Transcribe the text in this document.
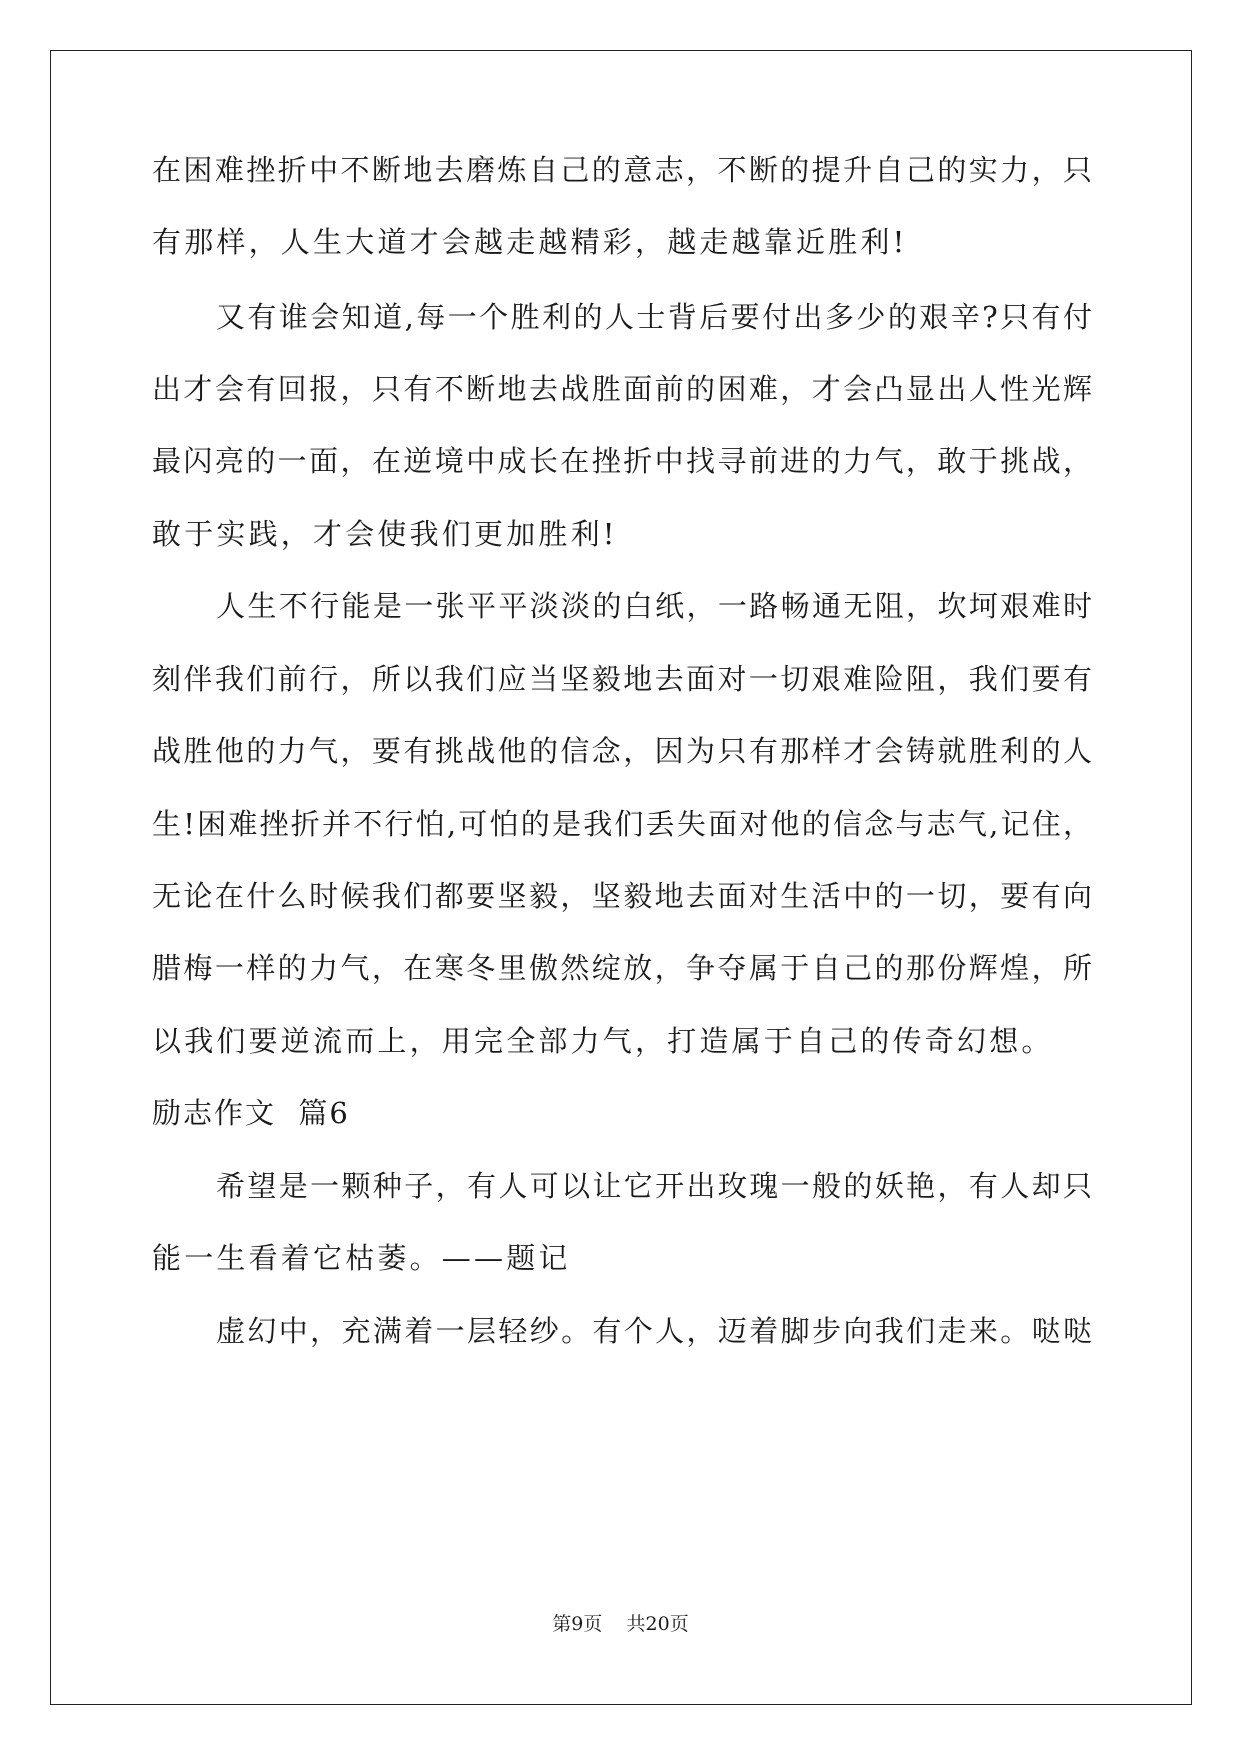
在困难挫折中不断地去磨炼自己的意志，不断的提升自己的实力，只
有那样，人生大道才会越走越精彩，越走越靠近胜利!
又有谁会知道,每一个胜利的人士背后要付出多少的艰辛?只有付
出才会有回报，只有不断地去战胜面前的困难，才会凸显出人性光辉
最闪亮的一面，在逆境中成长在挫折中找寻前进的力气，敢于挑战，
敢于实践，才会使我们更加胜利!
人生不行能是一张平平淡淡的白纸，一路畅通无阻，坎坷艰难时
刻伴我们前行，所以我们应当坚毅地去面对一切艰难险阻，我们要有
战胜他的力气，要有挑战他的信念，因为只有那样才会铸就胜利的人
生!困难挫折并不行怕,可怕的是我们丢失面对他的信念与志气,记住，
无论在什么时候我们都要坚毅，坚毅地去面对生活中的一切，要有向
腊梅一样的力气，在寒冬里傲然绽放，争夺属于自己的那份辉煌，所
以我们要逆流而上，用完全部力气，打造属于自己的传奇幻想。
励志作文  篇6
希望是一颗种子，有人可以让它开出玫瑰一般的妖艳，有人却只
能一生看着它枯萎。——题记
虚幻中，充满着一层轻纱。有个人，迈着脚步向我们走来。哒哒
第9页    共20页
